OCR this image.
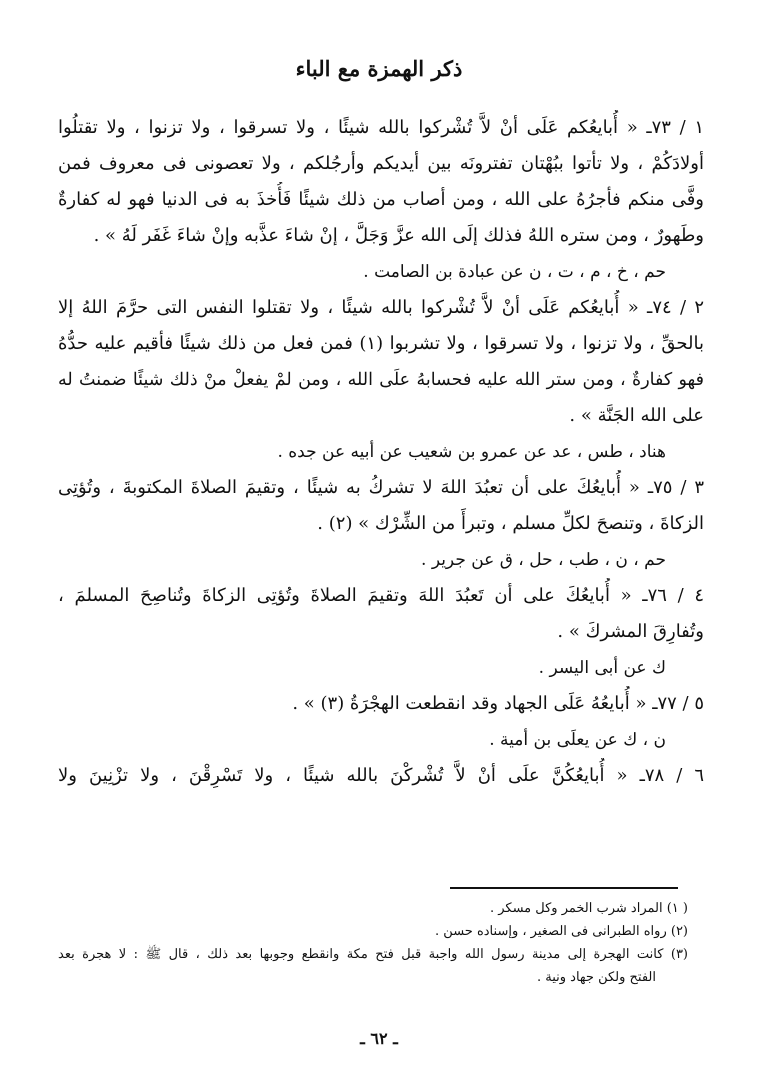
ذكر الهمزة مع الباء
١ / ٧٣ـ « أُبايعُكم عَلَى أنْ لاَّ تُشْركوا بالله شيئًا ، ولا تسرقوا ، ولا تزنوا ، ولا تقتلُوا
أولادَكُمْ ، ولا تأتوا ببُهْتان تفترونَه بين أيديكم وأرجُلكم ، ولا تعصونى فى معروف فمن
وفَّى منكم فأجرُهُ على الله ، ومن أصاب من ذلك شيئًا فَأُخذَ به فى الدنيا فهو له كفارةٌ
وطَهورٌ ، ومن ستره اللهُ فذلك إلَى الله عزَّ وَجَلَّ ، إنْ شاءَ عذَّبه وإنْ شاءَ غَفَر لَهُ » .
حم ، خ ، م ، ت ، ن عن عبادة بن الصامت .
٢ / ٧٤ـ « أُبايعُكم عَلَى أنْ لاَّ تُشْركوا بالله شيئًا ، ولا تقتلوا النفس التى حرَّمَ اللهُ إلا
بالحقِّ ، ولا تزنوا ، ولا تسرقوا ، ولا تشربوا (١) فمن فعل من ذلك شيئًا فأقيم عليه حدُّهُ
فهو كفارةٌ ، ومن ستر الله عليه فحسابهُ علَى الله ، ومن لمْ يفعلْ منْ ذلك شيئًا ضمنتُ له
على الله الجَنَّة » .
هناد ، طس ، عد عن عمرو بن شعيب عن أبيه عن جده .
٣ / ٧٥ـ « أُبايعُكَ على أن تعبُدَ اللهَ لا تشركُ به شيئًا ، وتقيمَ الصلاةَ المكتوبةَ ، وتُؤتِى
الزكاةَ ، وتنصحَ لكلِّ مسلم ، وتبرأَ من الشِّرْك » (٢) .
حم ، ن ، طب ، حل ، ق عن جرير .
٤ / ٧٦ـ « أُبايعُكَ على أن تَعبُدَ اللهَ وتقيمَ الصلاةَ وتُؤتِى الزكاةَ وتُناصِحَ المسلمَ ،
وتُفارِقَ المشركَ » .
ك عن أبى اليسر .
٥ / ٧٧ـ « أُبايعُهُ عَلَى الجهاد وقد انقطعت الهجْرَةُ (٣) » .
ن ، ك عن يعلَى بن أمية .
٦ / ٧٨ـ « أُبايعُكُنَّ علَى أنْ لاَّ تُشْركْنَ بالله شيئًا ، ولا تَسْرِقْنَ ، ولا تزْنِينَ ولا
( ١) المراد شرب الخمر وكل مسكر .
(٢) رواه الطبرانى فى الصغير ، وإسناده حسن .
(٣) كانت الهجرة إلى مدينة رسول الله واجبة قبل فتح مكة وانقطع وجوبها بعد ذلك ، قال ﷺ : لا هجرة بعد
الفتح ولكن جهاد ونية .
ـ ٦٢ ـ
